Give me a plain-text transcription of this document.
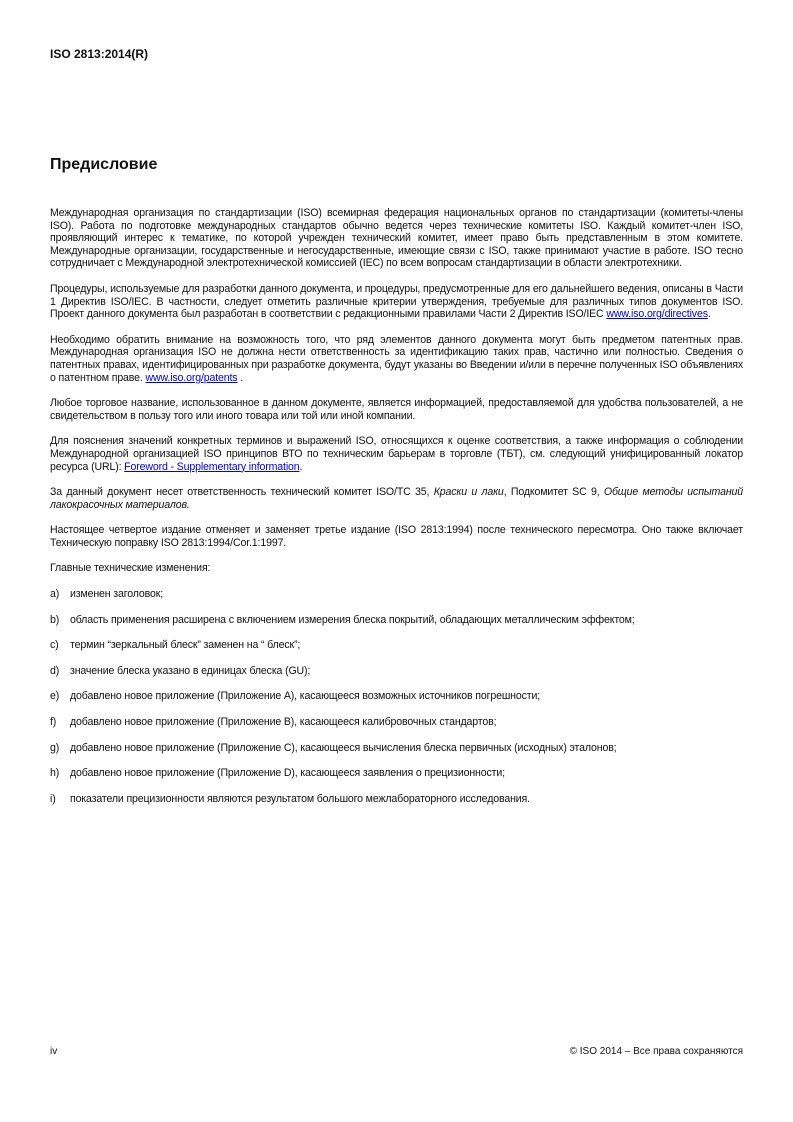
ISO 2813:2014(R)
Предисловие

Международная организация по стандартизации (ISO) всемирная федерация национальных органов по стандартизации (комитеты-члены ISO). Работа по подготовке международных стандартов обычно ведется через технические комитеты ISO. Каждый комитет-член ISO, проявляющий интерес к тематике, по которой учрежден технический комитет, имеет право быть представленным в этом комитете. Международные организации, государственные и негосударственные, имеющие связи с ISO, также принимают участие в работе. ISO тесно сотрудничает с Международной электротехнической комиссией (IEC) по всем вопросам стандартизации в области электротехники.

Процедуры, используемые для разработки данного документа, и процедуры, предусмотренные для его дальнейшего ведения, описаны в Части 1 Директив ISO/IEC. В частности, следует отметить различные критерии утверждения, требуемые для различных типов документов ISO. Проект данного документа был разработан в соответствии с редакционными правилами Части 2 Директив ISO/IEC www.iso.org/directives.

Необходимо обратить внимание на возможность того, что ряд элементов данного документа могут быть предметом патентных прав. Международная организация ISO не должна нести ответственность за идентификацию таких прав, частично или полностью. Сведения о патентных правах, идентифицированных при разработке документа, будут указаны во Введении и/или в перечне полученных ISO объявлениях о патентном праве. www.iso.org/patents .

Любое торговое название, использованное в данном документе, является информацией, предоставляемой для удобства пользователей, а не свидетельством в пользу того или иного товара или той или иной компании.

Для пояснения значений конкретных терминов и выражений ISO, относящихся к оценке соответствия, а также информация о соблюдении Международной организацией ISO принципов ВТО по техническим барьерам в торговле (ТБТ), см. следующий унифицированный локатор ресурса (URL): Foreword - Supplementary information.

За данный документ несет ответственность технический комитет ISO/TC 35, Краски и лаки, Подкомитет SC 9, Общие методы испытаний лакокрасочных материалов.

Настоящее четвертое издание отменяет и заменяет третье издание (ISO 2813:1994) после технического пересмотра. Оно также включает Техническую поправку ISO 2813:1994/Cor.1:1997.

Главные технические изменения:

a)	изменен заголовок;
b)	область применения расширена с включением измерения блеска покрытий, обладающих металлическим эффектом;
c)	термин “зеркальный блеск” заменен на “ блеск”;
d)	значение блеска указано в единицах блеска (GU);
e)	добавлено новое приложение (Приложение А), касающееся возможных источников погрешности;
f)	добавлено новое приложение (Приложение В), касающееся калибровочных стандартов;
g)	добавлено новое приложение (Приложение С), касающееся вычисления блеска первичных (исходных) эталонов;
h)	добавлено новое приложение (Приложение D), касающееся заявления о прецизионности;
i)	показатели прецизионности являются результатом большого межлабораторного исследования.
iv	© ISO 2014 – Все права сохраняются
